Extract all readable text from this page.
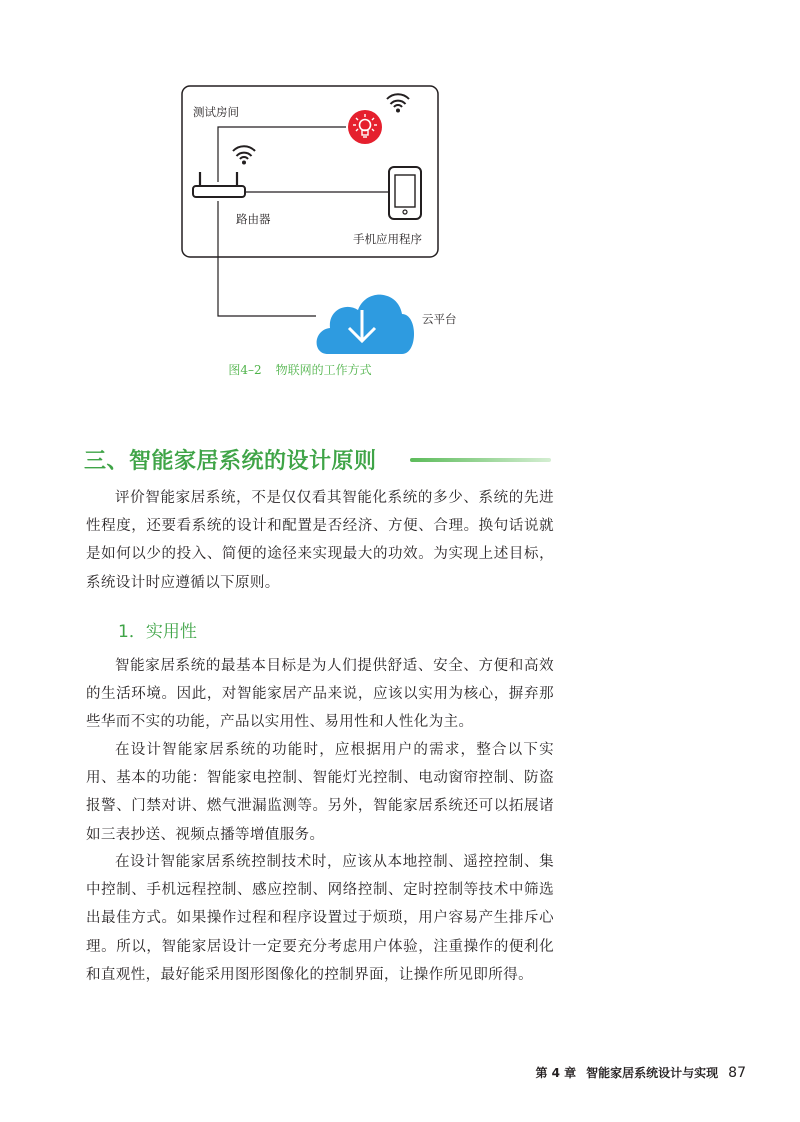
测试房间
路由器
手机应用程序
云平台
图4–2 物联网的工作方式
三、智能家居系统的设计原则

评价智能家居系统，不是仅仅看其智能化系统的多少、系统的先进性程度，还要看系统的设计和配置是否经济、方便、合理。换句话说就是如何以少的投入、简便的途径来实现最大的功效。为实现上述目标，系统设计时应遵循以下原则。

1．实用性

智能家居系统的最基本目标是为人们提供舒适、安全、方便和高效的生活环境。因此，对智能家居产品来说，应该以实用为核心，摒弃那些华而不实的功能，产品以实用性、易用性和人性化为主。

在设计智能家居系统的功能时，应根据用户的需求，整合以下实用、基本的功能：智能家电控制、智能灯光控制、电动窗帘控制、防盗报警、门禁对讲、燃气泄漏监测等。另外，智能家居系统还可以拓展诸如三表抄送、视频点播等增值服务。

在设计智能家居系统控制技术时，应该从本地控制、遥控控制、集中控制、手机远程控制、感应控制、网络控制、定时控制等技术中筛选出最佳方式。如果操作过程和程序设置过于烦琐，用户容易产生排斥心理。所以，智能家居设计一定要充分考虑用户体验，注重操作的便利化和直观性，最好能采用图形图像化的控制界面，让操作所见即所得。

第 4 章 智能家居系统设计与实现 87
